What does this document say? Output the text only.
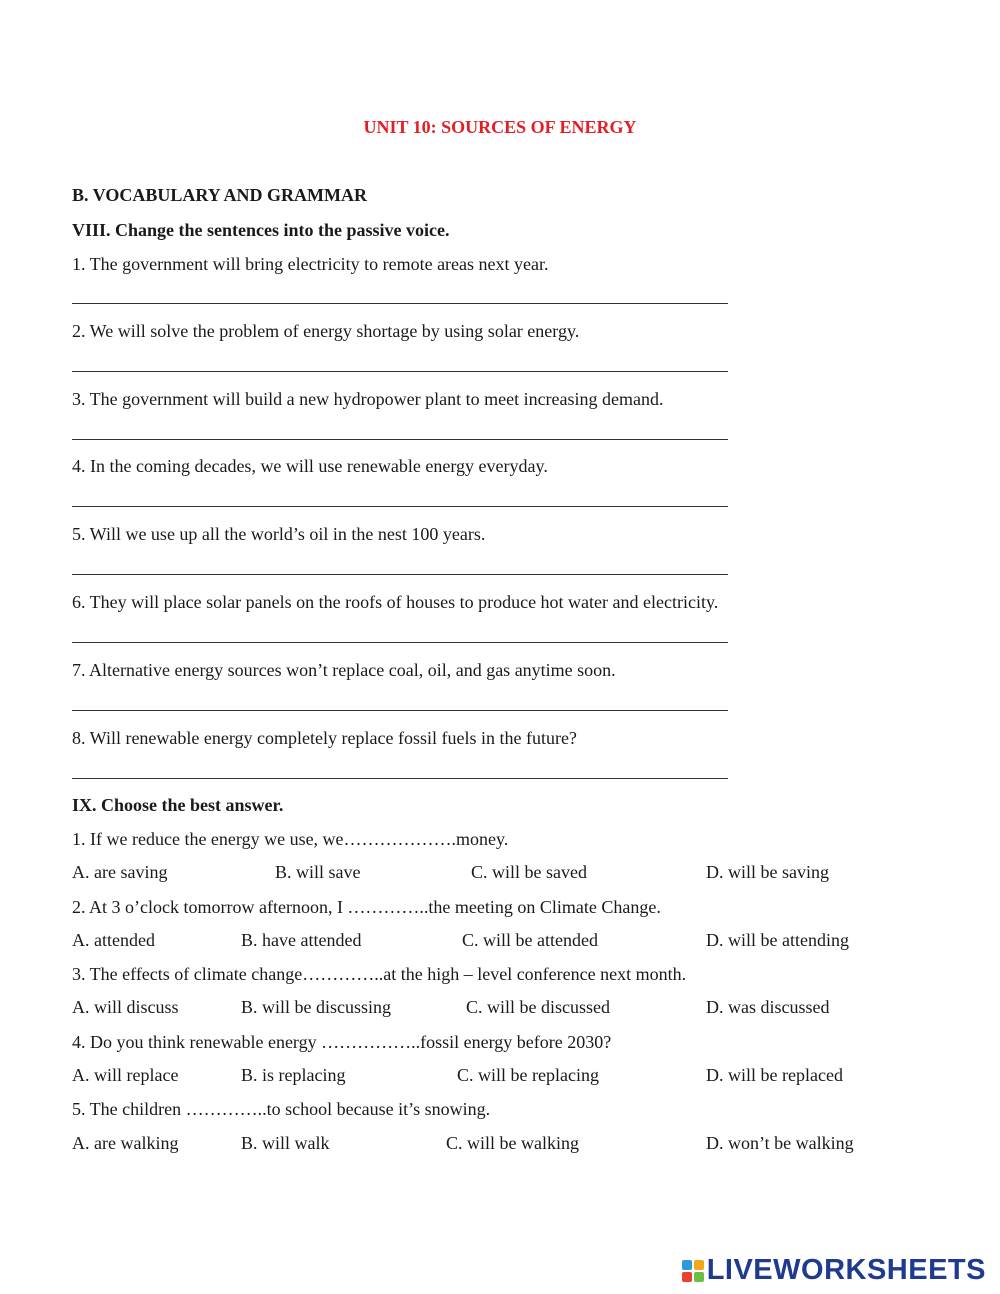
UNIT 10: SOURCES OF ENERGY
B. VOCABULARY AND GRAMMAR
VIII. Change the sentences into the passive voice.
1. The government will bring electricity to remote areas next year.
2. We will solve the problem of energy shortage by using solar energy.
3. The government will build a new hydropower plant to meet increasing demand.
4. In the coming decades, we will use renewable energy everyday.
5. Will we use up all the world’s oil in the nest 100 years.
6. They will place solar panels on the roofs of houses to produce hot water and electricity.
7. Alternative energy sources won’t replace coal, oil, and gas anytime soon.
8. Will renewable energy completely replace fossil fuels in the future?
IX. Choose the best answer.
1. If we reduce the energy we use, we……………….money.
A. are saving	B. will save	C. will be saved	D. will be saving
2. At 3 o’clock tomorrow afternoon, I …………..the meeting on Climate Change.
A. attended	B. have attended	C. will be attended	D. will be attending
3. The effects of climate change…………..at the high – level conference next month.
A. will discuss	B. will be discussing	C. will be discussed	D. was discussed
4. Do you think renewable energy ……………..fossil energy before 2030?
A. will replace	B. is replacing	C. will be replacing	D. will be replaced
5. The children …………..to school because it’s snowing.
A. are walking	B. will walk	C. will be walking	D. won’t be walking
LIVEWORKSHEETS
